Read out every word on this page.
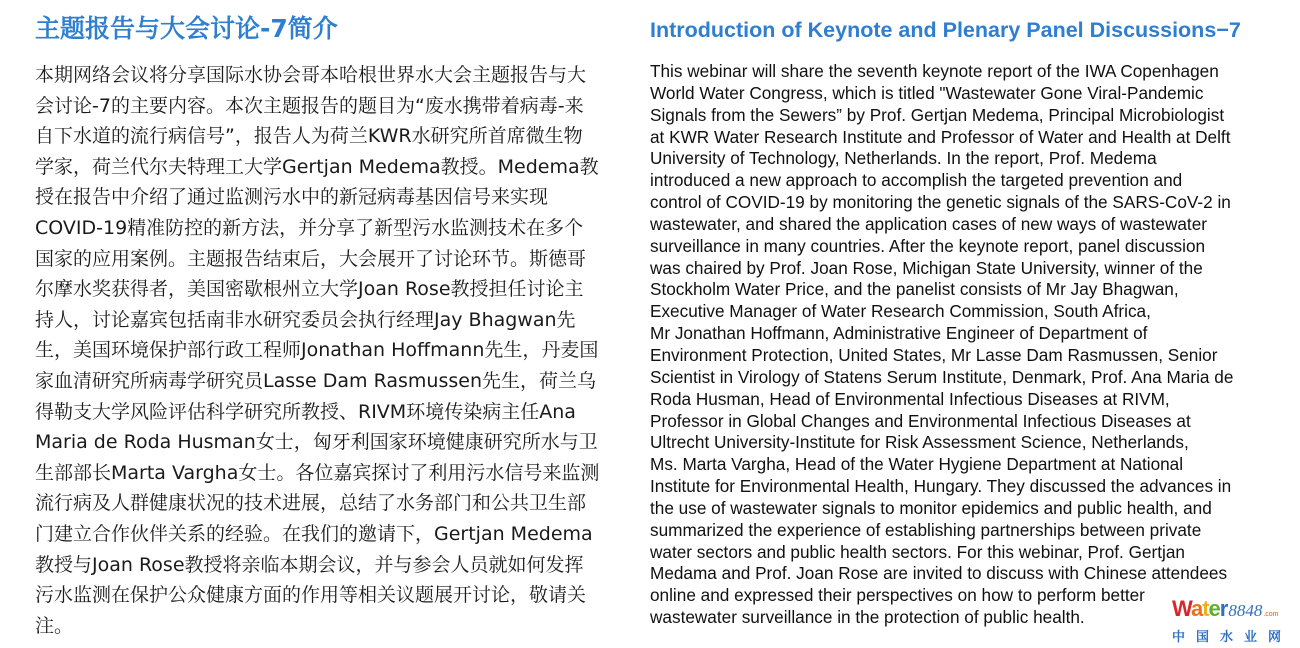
主题报告与大会讨论-7简介
本期网络会议将分享国际水协会哥本哈根世界水大会主题报告与大
会讨论-7的主要内容。本次主题报告的题目为“废水携带着病毒-来
自下水道的流行病信号”，报告人为荷兰KWR水研究所首席微生物
学家，荷兰代尔夫特理工大学Gertjan Medema教授。Medema教
授在报告中介绍了通过监测污水中的新冠病毒基因信号来实现
COVID-19精准防控的新方法，并分享了新型污水监测技术在多个
国家的应用案例。主题报告结束后，大会展开了讨论环节。斯德哥
尔摩水奖获得者，美国密歇根州立大学Joan Rose教授担任讨论主
持人，讨论嘉宾包括南非水研究委员会执行经理Jay Bhagwan先
生，美国环境保护部行政工程师Jonathan Hoffmann先生，丹麦国
家血清研究所病毒学研究员Lasse Dam Rasmussen先生，荷兰乌
得勒支大学风险评估科学研究所教授、RIVM环境传染病主任Ana
Maria de Roda Husman女士，匈牙利国家环境健康研究所水与卫
生部部长Marta Vargha女士。各位嘉宾探讨了利用污水信号来监测
流行病及人群健康状况的技术进展，总结了水务部门和公共卫生部
门建立合作伙伴关系的经验。在我们的邀请下，Gertjan Medema
教授与Joan Rose教授将亲临本期会议，并与参会人员就如何发挥
污水监测在保护公众健康方面的作用等相关议题展开讨论，敬请关
注。
Introduction of Keynote and Plenary Panel Discussions−7
This webinar will share the seventh keynote report of the IWA Copenhagen
World Water Congress, which is titled "Wastewater Gone Viral-Pandemic
Signals from the Sewers” by Prof. Gertjan Medema, Principal Microbiologist
at KWR Water Research Institute and Professor of Water and Health at Delft
University of Technology, Netherlands. In the report, Prof. Medema
introduced a new approach to accomplish the targeted prevention and
control of COVID-19 by monitoring the genetic signals of the SARS-CoV-2 in
wastewater, and shared the application cases of new ways of wastewater
surveillance in many countries. After the keynote report, panel discussion
was chaired by Prof. Joan Rose, Michigan State University, winner of the
Stockholm Water Price, and the panelist consists of Mr Jay Bhagwan,
Executive Manager of Water Research Commission, South Africa,
Mr Jonathan Hoffmann, Administrative Engineer of Department of
Environment Protection, United States, Mr Lasse Dam Rasmussen, Senior
Scientist in Virology of Statens Serum Institute, Denmark, Prof. Ana Maria de
Roda Husman, Head of Environmental Infectious Diseases at RIVM,
Professor in Global Changes and Environmental Infectious Diseases at
Ultrecht University-Institute for Risk Assessment Science, Netherlands,
Ms. Marta Vargha, Head of the Water Hygiene Department at National
Institute for Environmental Health, Hungary. They discussed the advances in
the use of wastewater signals to monitor epidemics and public health, and
summarized the experience of establishing partnerships between private
water sectors and public health sectors. For this webinar, Prof. Gertjan
Medama and Prof. Joan Rose are invited to discuss with Chinese attendees
online and expressed their perspectives on how to perform better
wastewater surveillance in the protection of public health.	Water 8848 .com
中国水业网
